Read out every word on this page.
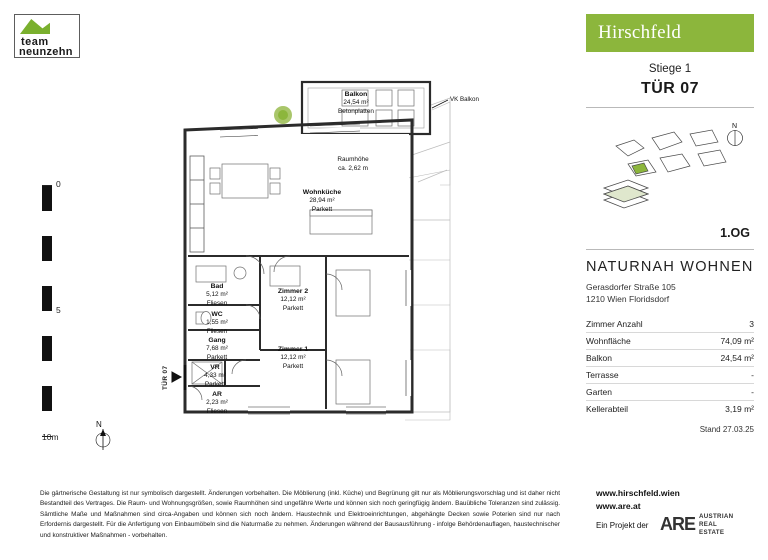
team
neunzehn
0
5
10m
N
Balkon
24,54 m²
Betonplatten
VK Balkon
Raumhöhe
ca. 2,62 m
Wohnküche
28,94 m²
Parkett
Bad
5,12 m²
Fliesen
WC
1,55 m²
Fliesen
Gang
7,68 m²
Parkett
VR
4,33 m²
Parkett
AR
2,23 m²
Fliesen
Zimmer 2
12,12 m²
Parkett
Zimmer 1
12,12 m²
Parkett
TÜR 07
Hirschfeld
Stiege 1
TÜR 07
N
1.OG
NATURNAH WOHNEN
Gerasdorfer Straße 105
1210 Wien Floridsdorf
Zimmer Anzahl	3
Wohnfläche	74,09 m²
Balkon	24,54 m²
Terrasse	-
Garten	-
Kellerabteil	3,19 m²
Stand 27.03.25
www.hirschfeld.wien
www.are.at
Ein Projekt der ARE AUSTRIAN
REAL
ESTATE
Die gärtnerische Gestaltung ist nur symbolisch dargestellt. Änderungen vorbehalten. Die Möblierung (inkl. Küche) und Begrünung gilt nur als Möblierungsvorschlag und ist daher nicht Bestandteil des Vertrages. Die Raum- und Wohnungsgrößen, sowie Raumhöhen sind ungefähre Werte und können sich noch geringfügig ändern. Bauübliche Toleranzen sind zulässig. Sämtliche Maße und Maßnahmen sind circa-Angaben und können sich noch ändern. Haustechnik und Elektroeinrichtungen, abgehängte Decken sowie Poterien sind nur nach Erfordernis dargestellt. Für die Anfertigung von Einbaumöbeln sind die Naturmaße zu nehmen. Änderungen während der Bausausführung - infolge Behördenauflagen, haustechnischer und konstruktiver Maßnahmen - vorbehalten.
